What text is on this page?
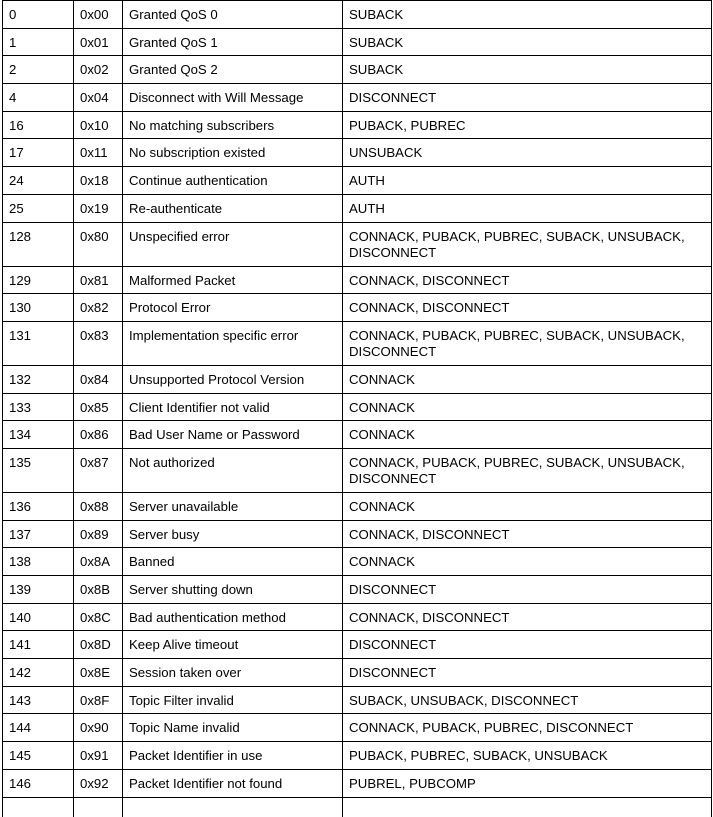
0	0x00	Granted QoS 0	SUBACK
1	0x01	Granted QoS 1	SUBACK
2	0x02	Granted QoS 2	SUBACK
4	0x04	Disconnect with Will Message	DISCONNECT
16	0x10	No matching subscribers	PUBACK, PUBREC
17	0x11	No subscription existed	UNSUBACK
24	0x18	Continue authentication	AUTH
25	0x19	Re-authenticate	AUTH
128	0x80	Unspecified error	CONNACK, PUBACK, PUBREC, SUBACK, UNSUBACK, DISCONNECT
129	0x81	Malformed Packet	CONNACK, DISCONNECT
130	0x82	Protocol Error	CONNACK, DISCONNECT
131	0x83	Implementation specific error	CONNACK, PUBACK, PUBREC, SUBACK, UNSUBACK, DISCONNECT
132	0x84	Unsupported Protocol Version	CONNACK
133	0x85	Client Identifier not valid	CONNACK
134	0x86	Bad User Name or Password	CONNACK
135	0x87	Not authorized	CONNACK, PUBACK, PUBREC, SUBACK, UNSUBACK, DISCONNECT
136	0x88	Server unavailable	CONNACK
137	0x89	Server busy	CONNACK, DISCONNECT
138	0x8A	Banned	CONNACK
139	0x8B	Server shutting down	DISCONNECT
140	0x8C	Bad authentication method	CONNACK, DISCONNECT
141	0x8D	Keep Alive timeout	DISCONNECT
142	0x8E	Session taken over	DISCONNECT
143	0x8F	Topic Filter invalid	SUBACK, UNSUBACK, DISCONNECT
144	0x90	Topic Name invalid	CONNACK, PUBACK, PUBREC, DISCONNECT
145	0x91	Packet Identifier in use	PUBACK, PUBREC, SUBACK, UNSUBACK
146	0x92	Packet Identifier not found	PUBREL, PUBCOMP
